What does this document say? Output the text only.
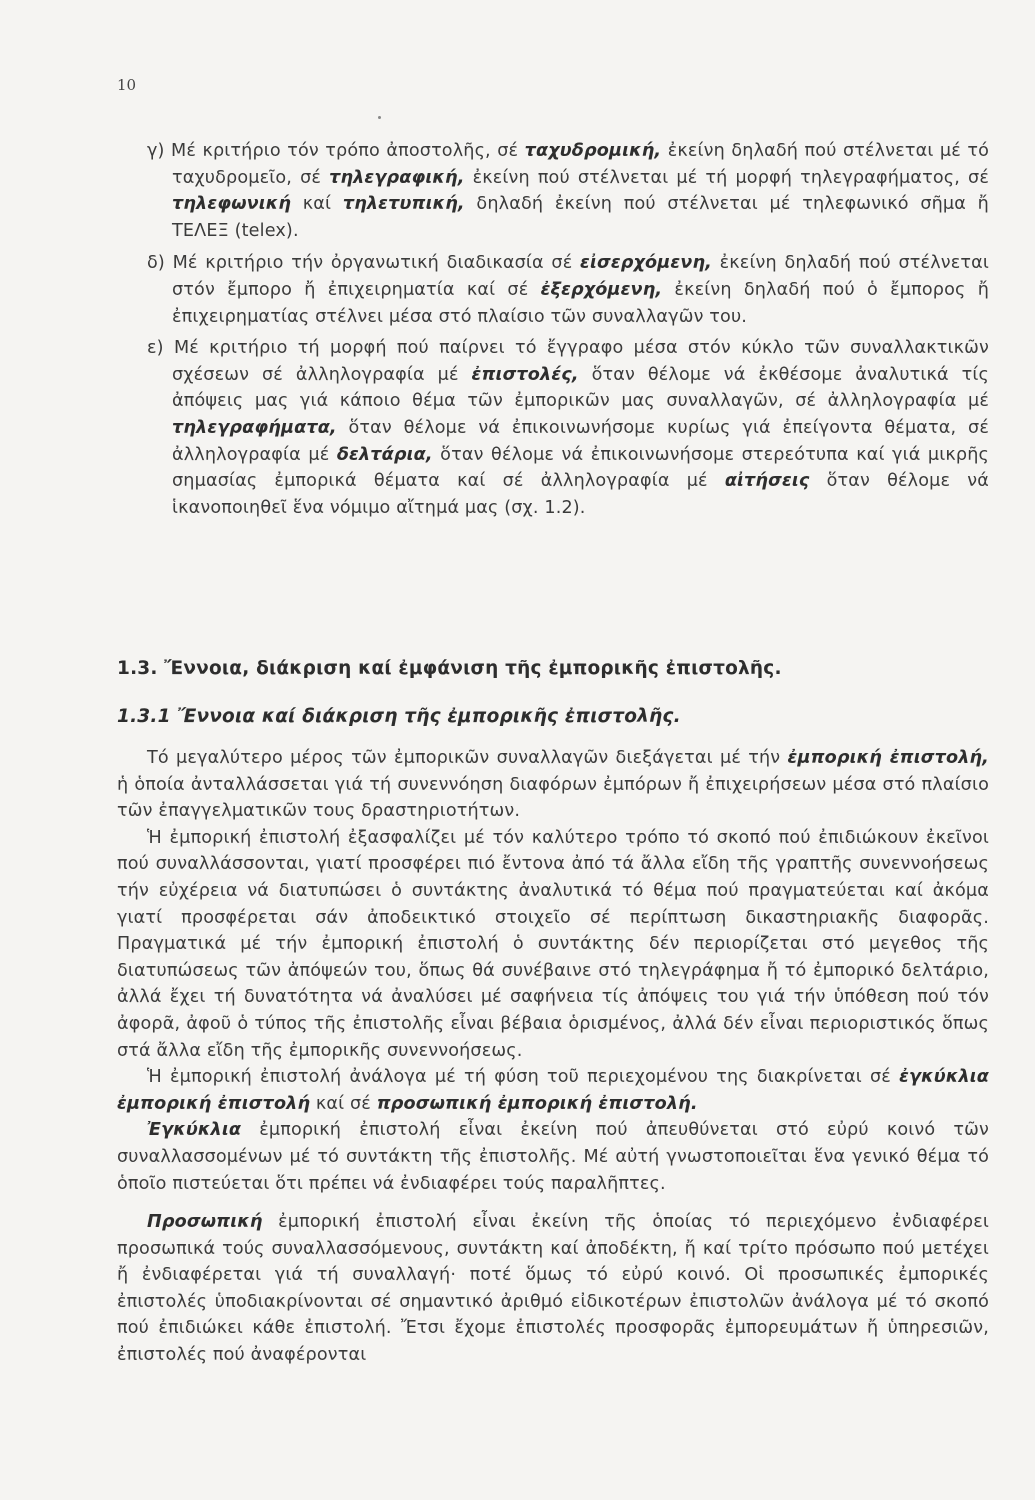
10

γ) Μέ κριτήριο τόν τρόπο ἀποστολῆς, σέ ταχυδρομική, ἐκείνη δηλαδή πού στέλνεται μέ τό ταχυδρομεῖο, σέ τηλεγραφική, ἐκείνη πού στέλνεται μέ τή μορφή τηλεγραφήματος, σέ τηλεφωνική καί τηλετυπική, δηλαδή ἐκείνη πού στέλνεται μέ τηλεφωνικό σῆμα ἤ ΤΕΛΕΞ (telex).

δ) Μέ κριτήριο τήν ὀργανωτική διαδικασία σέ εἰσερχόμενη, ἐκείνη δηλαδή πού στέλνεται στόν ἔμπορο ἤ ἐπιχειρηματία καί σέ ἐξερχόμενη, ἐκείνη δηλαδή πού ὁ ἔμπορος ἤ ἐπιχειρηματίας στέλνει μέσα στό πλαίσιο τῶν συναλλαγῶν του.

ε) Μέ κριτήριο τή μορφή πού παίρνει τό ἔγγραφο μέσα στόν κύκλο τῶν συναλλακτικῶν σχέσεων σέ ἀλληλογραφία μέ ἐπιστολές, ὅταν θέλομε νά ἐκθέσομε ἀναλυτικά τίς ἀπόψεις μας γιά κάποιο θέμα τῶν ἐμπορικῶν μας συναλλαγῶν, σέ ἀλληλογραφία μέ τηλεγραφήματα, ὅταν θέλομε νά ἐπικοινωνήσομε κυρίως γιά ἐπείγοντα θέματα, σέ ἀλληλογραφία μέ δελτάρια, ὅταν θέλομε νά ἐπικοινωνήσομε στερεότυπα καί γιά μικρῆς σημασίας ἐμπορικά θέματα καί σέ ἀλληλογραφία μέ αἰτήσεις ὅταν θέλομε νά ἱκανοποιηθεῖ ἕνα νόμιμο αἴτημά μας (σχ. 1.2).

1.3. Ἔννοια, διάκριση καί ἐμφάνιση τῆς ἐμπορικῆς ἐπιστολῆς.
1.3.1 Ἔννοια καί διάκριση τῆς ἐμπορικῆς ἐπιστολῆς.

Τό μεγαλύτερο μέρος τῶν ἐμπορικῶν συναλλαγῶν διεξάγεται μέ τήν ἐμπορική ἐπιστολή, ἡ ὁποία ἀνταλλάσσεται γιά τή συνεννόηση διαφόρων ἐμπόρων ἤ ἐπιχειρήσεων μέσα στό πλαίσιο τῶν ἐπαγγελματικῶν τους δραστηριοτήτων.

Ἡ ἐμπορική ἐπιστολή ἐξασφαλίζει μέ τόν καλύτερο τρόπο τό σκοπό πού ἐπιδιώκουν ἐκεῖνοι πού συναλλάσσονται, γιατί προσφέρει πιό ἔντονα ἀπό τά ἄλλα εἴδη τῆς γραπτῆς συνεννοήσεως τήν εὐχέρεια νά διατυπώσει ὁ συντάκτης ἀναλυτικά τό θέμα πού πραγματεύεται καί ἀκόμα γιατί προσφέρεται σάν ἀποδεικτικό στοιχεῖο σέ περίπτωση δικαστηριακῆς διαφορᾶς. Πραγματικά μέ τήν ἐμπορική ἐπιστολή ὁ συντάκτης δέν περιορίζεται στό μεγεθος τῆς διατυπώσεως τῶν ἀπόψεών του, ὅπως θά συνέβαινε στό τηλεγράφημα ἤ τό ἐμπορικό δελτάριο, ἀλλά ἔχει τή δυνατότητα νά ἀναλύσει μέ σαφήνεια τίς ἀπόψεις του γιά τήν ὑπόθεση πού τόν ἀφορᾶ, ἀφοῦ ὁ τύπος τῆς ἐπιστολῆς εἶναι βέβαια ὁρισμένος, ἀλλά δέν εἶναι περιοριστικός ὅπως στά ἄλλα εἴδη τῆς ἐμπορικῆς συνεννοήσεως.

Ἡ ἐμπορική ἐπιστολή ἀνάλογα μέ τή φύση τοῦ περιεχομένου της διακρίνεται σέ ἐγκύκλια ἐμπορική ἐπιστολή καί σέ προσωπική ἐμπορική ἐπιστολή.

Ἐγκύκλια ἐμπορική ἐπιστολή εἶναι ἐκείνη πού ἀπευθύνεται στό εὐρύ κοινό τῶν συναλλασσομένων μέ τό συντάκτη τῆς ἐπιστολῆς. Μέ αὐτή γνωστοποιεῖται ἕνα γενικό θέμα τό ὁποῖο πιστεύεται ὅτι πρέπει νά ἐνδιαφέρει τούς παραλῆπτες.

Προσωπική ἐμπορική ἐπιστολή εἶναι ἐκείνη τῆς ὁποίας τό περιεχόμενο ἐνδιαφέρει προσωπικά τούς συναλλασσόμενους, συντάκτη καί ἀποδέκτη, ἤ καί τρίτο πρόσωπο πού μετέχει ἤ ἐνδιαφέρεται γιά τή συναλλαγή· ποτέ ὅμως τό εὐρύ κοινό. Οἱ προσωπικές ἐμπορικές ἐπιστολές ὑποδιακρίνονται σέ σημαντικό ἀριθμό εἰδικοτέρων ἐπιστολῶν ἀνάλογα μέ τό σκοπό πού ἐπιδιώκει κάθε ἐπιστολή. Ἔτσι ἔχομε ἐπιστολές προσφορᾶς ἐμπορευμάτων ἤ ὑπηρεσιῶν, ἐπιστολές πού ἀναφέρονται
